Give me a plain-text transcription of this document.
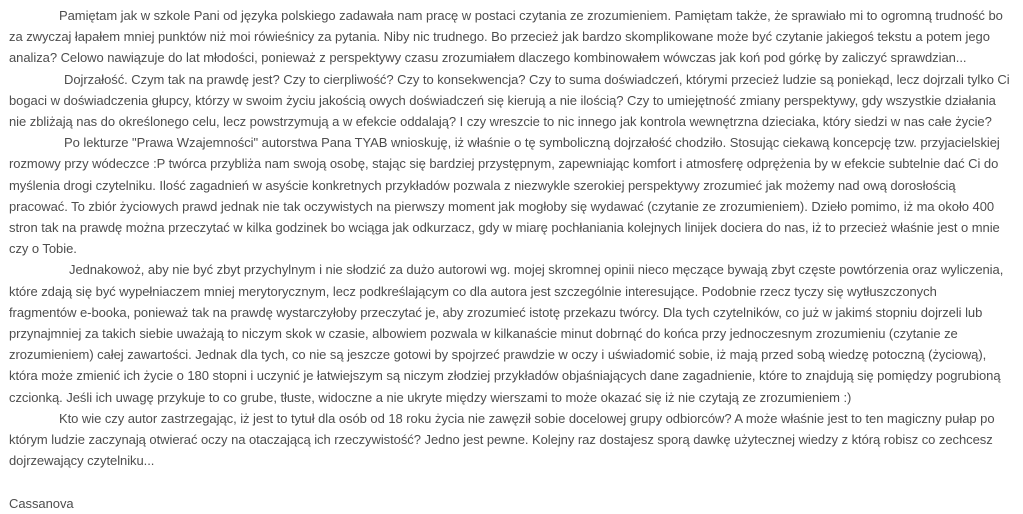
Pamiętam jak w szkole Pani od języka polskiego zadawała nam pracę w postaci czytania ze zrozumieniem. Pamiętam także, że sprawiało mi to ogromną trudność bo
za zwyczaj łapałem mniej punktów niż moi rówieśnicy za pytania. Niby nic trudnego. Bo przecież jak bardzo skomplikowane może być czytanie jakiegoś tekstu a potem jego
analiza? Celowo nawiązuje do lat młodości, ponieważ z perspektywy czasu zrozumiałem dlaczego kombinowałem wówczas jak koń pod górkę by zaliczyć sprawdzian...
Dojrzałość. Czym tak na prawdę jest? Czy to cierpliwość? Czy to konsekwencja? Czy to suma doświadczeń, którymi przecież ludzie są poniekąd, lecz dojrzali tylko Ci
bogaci w doświadczenia głupcy, którzy w swoim życiu jakością owych doświadczeń się kierują a nie ilością? Czy to umiejętność zmiany perspektywy, gdy wszystkie działania
nie zbliżają nas do określonego celu, lecz powstrzymują a w efekcie oddalają? I czy wreszcie to nic innego jak kontrola wewnętrzna dzieciaka, który siedzi w nas całe życie?
Po lekturze "Prawa Wzajemności" autorstwa Pana TYAB wnioskuję, iż właśnie o tę symboliczną dojrzałość chodziło. Stosując ciekawą koncepcję tzw. przyjacielskiej
rozmowy przy wódeczce :P twórca przybliża nam swoją osobę, stając się bardziej przystępnym, zapewniając komfort i atmosferę odprężenia by w efekcie subtelnie dać Ci do
myślenia drogi czytelniku. Ilość zagadnień w asyście konkretnych przykładów pozwala z niezwykle szerokiej perspektywy zrozumieć jak możemy nad ową dorosłością
pracować. To zbiór życiowych prawd jednak nie tak oczywistych na pierwszy moment jak mogłoby się wydawać (czytanie ze zrozumieniem). Dzieło pomimo, iż ma około 400
stron tak na prawdę można przeczytać w kilka godzinek bo wciąga jak odkurzacz, gdy w miarę pochłaniania kolejnych linijek dociera do nas, iż to przecież właśnie jest o mnie
czy o Tobie.
Jednakowoż, aby nie być zbyt przychylnym i nie słodzić za dużo autorowi wg. mojej skromnej opinii nieco męczące bywają zbyt częste powtórzenia oraz wyliczenia,
które zdają się być wypełniaczem mniej merytorycznym, lecz podkreślającym co dla autora jest szczególnie interesujące. Podobnie rzecz tyczy się wytłuszczonych
fragmentów e-booka, ponieważ tak na prawdę wystarczyłoby przeczytać je, aby zrozumieć istotę przekazu twórcy. Dla tych czytelników, co już w jakimś stopniu dojrzeli lub
przynajmniej za takich siebie uważają to niczym skok w czasie, albowiem pozwala w kilkanaście minut dobrnąć do końca przy jednoczesnym zrozumieniu (czytanie ze
zrozumieniem) całej zawartości. Jednak dla tych, co nie są jeszcze gotowi by spojrzeć prawdzie w oczy i uświadomić sobie, iż mają przed sobą wiedzę potoczną (życiową),
która może zmienić ich życie o 180 stopni i uczynić je łatwiejszym są niczym złodziej przykładów objaśniających dane zagadnienie, które to znajdują się pomiędzy pogrubioną
czcionką. Jeśli ich uwagę przykuje to co grube, tłuste, widoczne a nie ukryte między wierszami to może okazać się iż nie czytają ze zrozumieniem :)
Kto wie czy autor zastrzegając, iż jest to tytuł dla osób od 18 roku życia nie zawęził sobie docelowej grupy odbiorców? A może właśnie jest to ten magiczny pułap po
którym ludzie zaczynają otwierać oczy na otaczającą ich rzeczywistość? Jedno jest pewne. Kolejny raz dostajesz sporą dawkę użytecznej wiedzy z którą robisz co zechcesz
dojrzewający czytelniku...
Cassanova
